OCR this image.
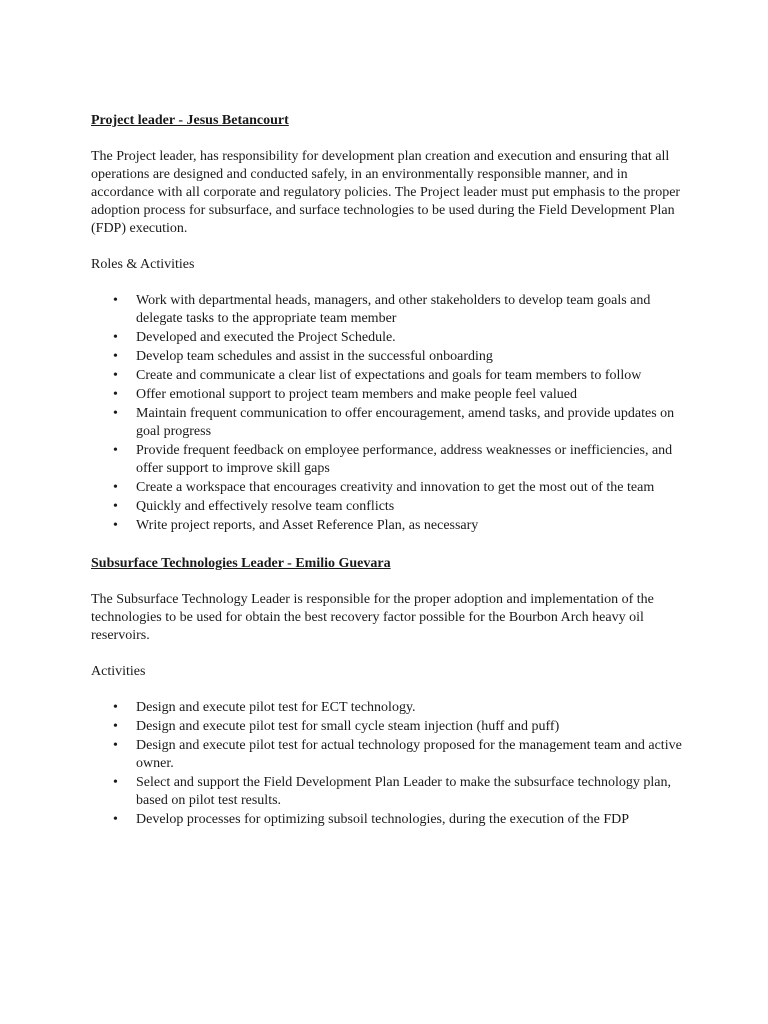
Project leader - Jesus Betancourt

The Project leader, has responsibility for development plan creation and execution and ensuring that all operations are designed and conducted safely, in an environmentally responsible manner, and in accordance with all corporate and regulatory policies. The Project leader must put emphasis to the proper adoption process for subsurface, and surface technologies to be used during the Field Development Plan (FDP) execution.

Roles & Activities

• Work with departmental heads, managers, and other stakeholders to develop team goals and delegate tasks to the appropriate team member
• Developed and executed the Project Schedule.
• Develop team schedules and assist in the successful onboarding
• Create and communicate a clear list of expectations and goals for team members to follow
• Offer emotional support to project team members and make people feel valued
• Maintain frequent communication to offer encouragement, amend tasks, and provide updates on goal progress
• Provide frequent feedback on employee performance, address weaknesses or inefficiencies, and offer support to improve skill gaps
• Create a workspace that encourages creativity and innovation to get the most out of the team
• Quickly and effectively resolve team conflicts
• Write project reports, and Asset Reference Plan, as necessary

Subsurface Technologies Leader - Emilio Guevara

The Subsurface Technology Leader is responsible for the proper adoption and implementation of the technologies to be used for obtain the best recovery factor possible for the Bourbon Arch heavy oil reservoirs.

Activities

• Design and execute pilot test for ECT technology.
• Design and execute pilot test for small cycle steam injection (huff and puff)
• Design and execute pilot test for actual technology proposed for the management team and active owner.
• Select and support the Field Development Plan Leader to make the subsurface technology plan, based on pilot test results.
• Develop processes for optimizing subsoil technologies, during the execution of the FDP
